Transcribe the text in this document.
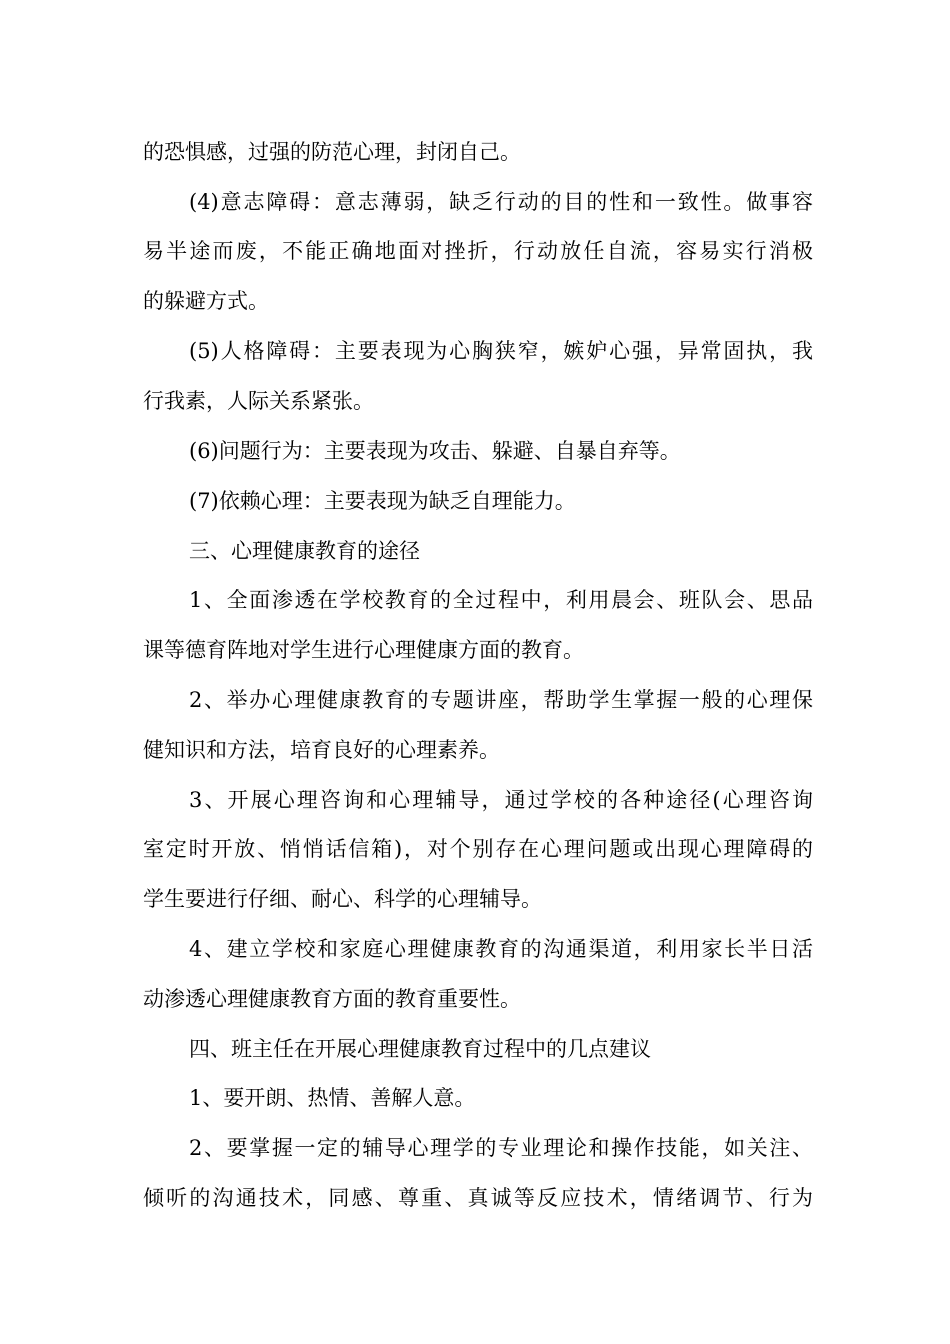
的恐惧感，过强的防范心理，封闭自己。
(4)意志障碍：意志薄弱，缺乏行动的目的性和一致性。做事容
易半途而废，不能正确地面对挫折，行动放任自流，容易实行消极
的躲避方式。
(5)人格障碍：主要表现为心胸狭窄，嫉妒心强，异常固执，我
行我素，人际关系紧张。
(6)问题行为：主要表现为攻击、躲避、自暴自弃等。
(7)依赖心理：主要表现为缺乏自理能力。
三、心理健康教育的途径
1、全面渗透在学校教育的全过程中，利用晨会、班队会、思品
课等德育阵地对学生进行心理健康方面的教育。
2、举办心理健康教育的专题讲座，帮助学生掌握一般的心理保
健知识和方法，培育良好的心理素养。
3、开展心理咨询和心理辅导，通过学校的各种途径(心理咨询
室定时开放、悄悄话信箱)，对个别存在心理问题或出现心理障碍的
学生要进行仔细、耐心、科学的心理辅导。
4、建立学校和家庭心理健康教育的沟通渠道，利用家长半日活
动渗透心理健康教育方面的教育重要性。
四、班主任在开展心理健康教育过程中的几点建议
1、要开朗、热情、善解人意。
2、要掌握一定的辅导心理学的专业理论和操作技能，如关注、
倾听的沟通技术，同感、尊重、真诚等反应技术，情绪调节、行为
